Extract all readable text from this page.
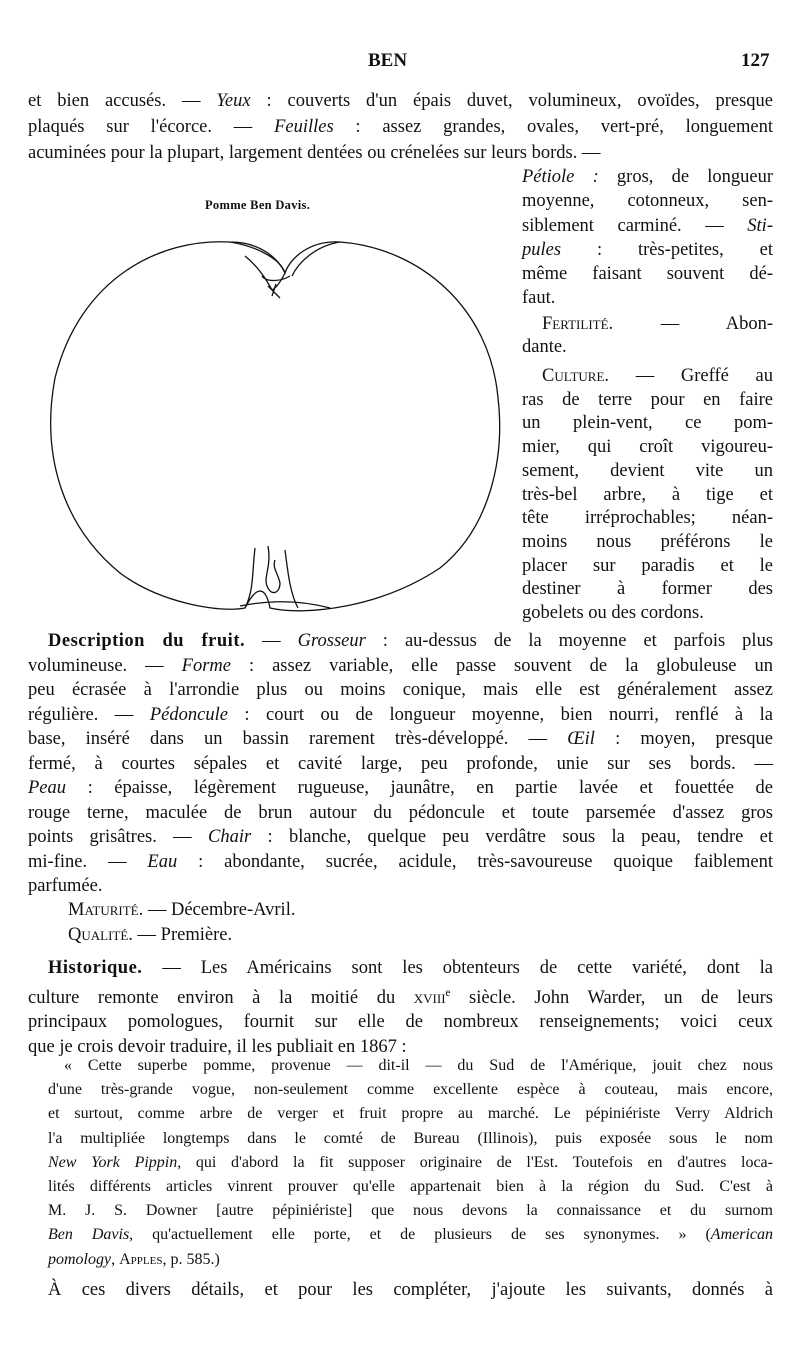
BEN	127
Pomme Ben Davis.
et bien accusés. — Yeux : couverts d'un épais duvet, volumineux, ovoïdes, presque
plaqués sur l'écorce. — Feuilles : assez grandes, ovales, vert-pré, longuement
acuminées pour la plupart, largement dentées ou crénelées sur leurs bords. —
Pétiole : gros, de longueur
moyenne, cotonneux, sen-
siblement carminé. — Sti-
pules : très-petites, et
même faisant souvent dé-
faut.
Fertilité. — Abon-
dante.
Culture. — Greffé au
ras de terre pour en faire
un plein-vent, ce pom-
mier, qui croît vigoureu-
sement, devient vite un
très-bel arbre, à tige et
tête irréprochables; néan-
moins nous préférons le
placer sur paradis et le
destiner à former des
gobelets ou des cordons.
Description du fruit. — Grosseur : au-dessus de la moyenne et parfois plus
volumineuse. — Forme : assez variable, elle passe souvent de la globuleuse un
peu écrasée à l'arrondie plus ou moins conique, mais elle est généralement assez
régulière. — Pédoncule : court ou de longueur moyenne, bien nourri, renflé à la
base, inséré dans un bassin rarement très-développé. — Œil : moyen, presque
fermé, à courtes sépales et cavité large, peu profonde, unie sur ses bords. —
Peau : épaisse, légèrement rugueuse, jaunâtre, en partie lavée et fouettée de
rouge terne, maculée de brun autour du pédoncule et toute parsemée d'assez gros
points grisâtres. — Chair : blanche, quelque peu verdâtre sous la peau, tendre et
mi-fine. — Eau : abondante, sucrée, acidule, très-savoureuse quoique faiblement
parfumée.
Maturité. — Décembre-Avril.
Qualité. — Première.
Historique. — Les Américains sont les obtenteurs de cette variété, dont la
culture remonte environ à la moitié du xviii$^e$ siècle. John Warder, un de leurs
principaux pomologues, fournit sur elle de nombreux renseignements; voici ceux
que je crois devoir traduire, il les publiait en 1867 :
« Cette superbe pomme, provenue — dit-il — du Sud de l'Amérique, jouit chez nous
d'une très-grande vogue, non-seulement comme excellente espèce à couteau, mais encore,
et surtout, comme arbre de verger et fruit propre au marché. Le pépiniériste Verry Aldrich
l'a multipliée longtemps dans le comté de Bureau (Illinois), puis exposée sous le nom
New York Pippin, qui d'abord la fit supposer originaire de l'Est. Toutefois en d'autres loca-
lités différents articles vinrent prouver qu'elle appartenait bien à la région du Sud. C'est à
M. J. S. Downer [autre pépiniériste] que nous devons la connaissance et du surnom
Ben Davis, qu'actuellement elle porte, et de plusieurs de ses synonymes. » (American
pomology, Apples, p. 585.)
À ces divers détails, et pour les compléter, j'ajoute les suivants, donnés à
